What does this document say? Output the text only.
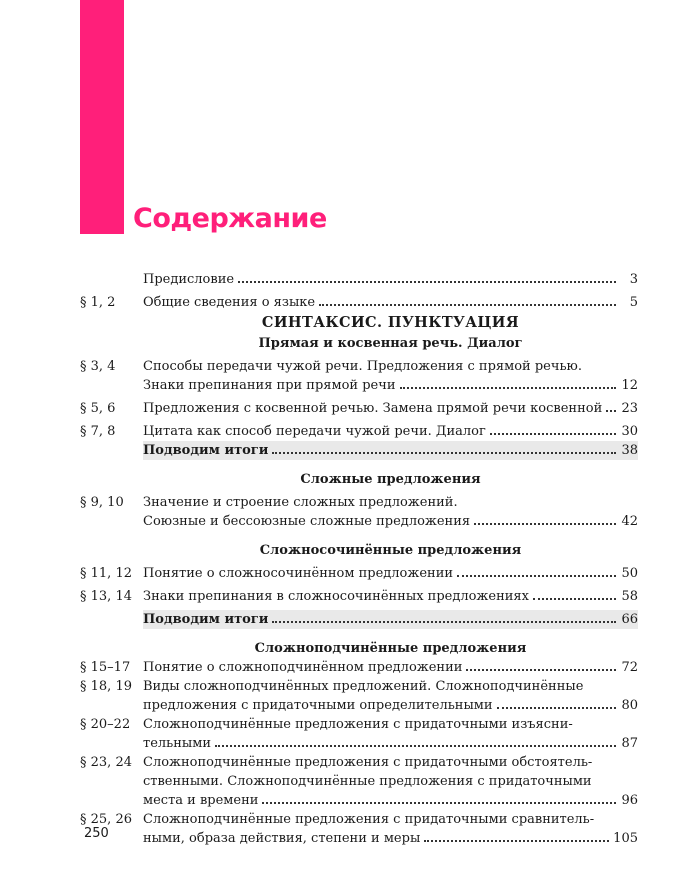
Содержание
Предисловие	3
§ 1, 2 Общие сведения о языке	5
СИНТАКСИС. ПУНКТУАЦИЯ
Прямая и косвенная речь. Диалог
§ 3, 4 Способы передачи чужой речи. Предложения с прямой речью.
Знаки препинания при прямой речи	12
§ 5, 6 Предложения с косвенной речью. Замена прямой речи косвенной 23
§ 7, 8 Цитата как способ передачи чужой речи. Диалог	30
Подводим итоги	38
Сложные предложения
§ 9, 10 Значение и строение сложных предложений.
Союзные и бессоюзные сложные предложения	42
Сложносочинённые предложения
§ 11, 12 Понятие о сложносочинённом предложении	50
§ 13, 14 Знаки препинания в сложносочинённых предложениях	58
Подводим итоги	66
Сложноподчинённые предложения
§ 15–17 Понятие о сложноподчинённом предложении	72
§ 18, 19 Виды сложноподчинённых предложений. Сложноподчинённые
предложения с придаточными определительными	80
§ 20–22 Сложноподчинённые предложения с придаточными изъясни-
тельными	87
§ 23, 24 Сложноподчинённые предложения с придаточными обстоятель-
ственными. Сложноподчинённые предложения с придаточными
места и времени	96
§ 25, 26 Сложноподчинённые предложения с придаточными сравнитель-
ными, образа действия, степени и меры	105
250
